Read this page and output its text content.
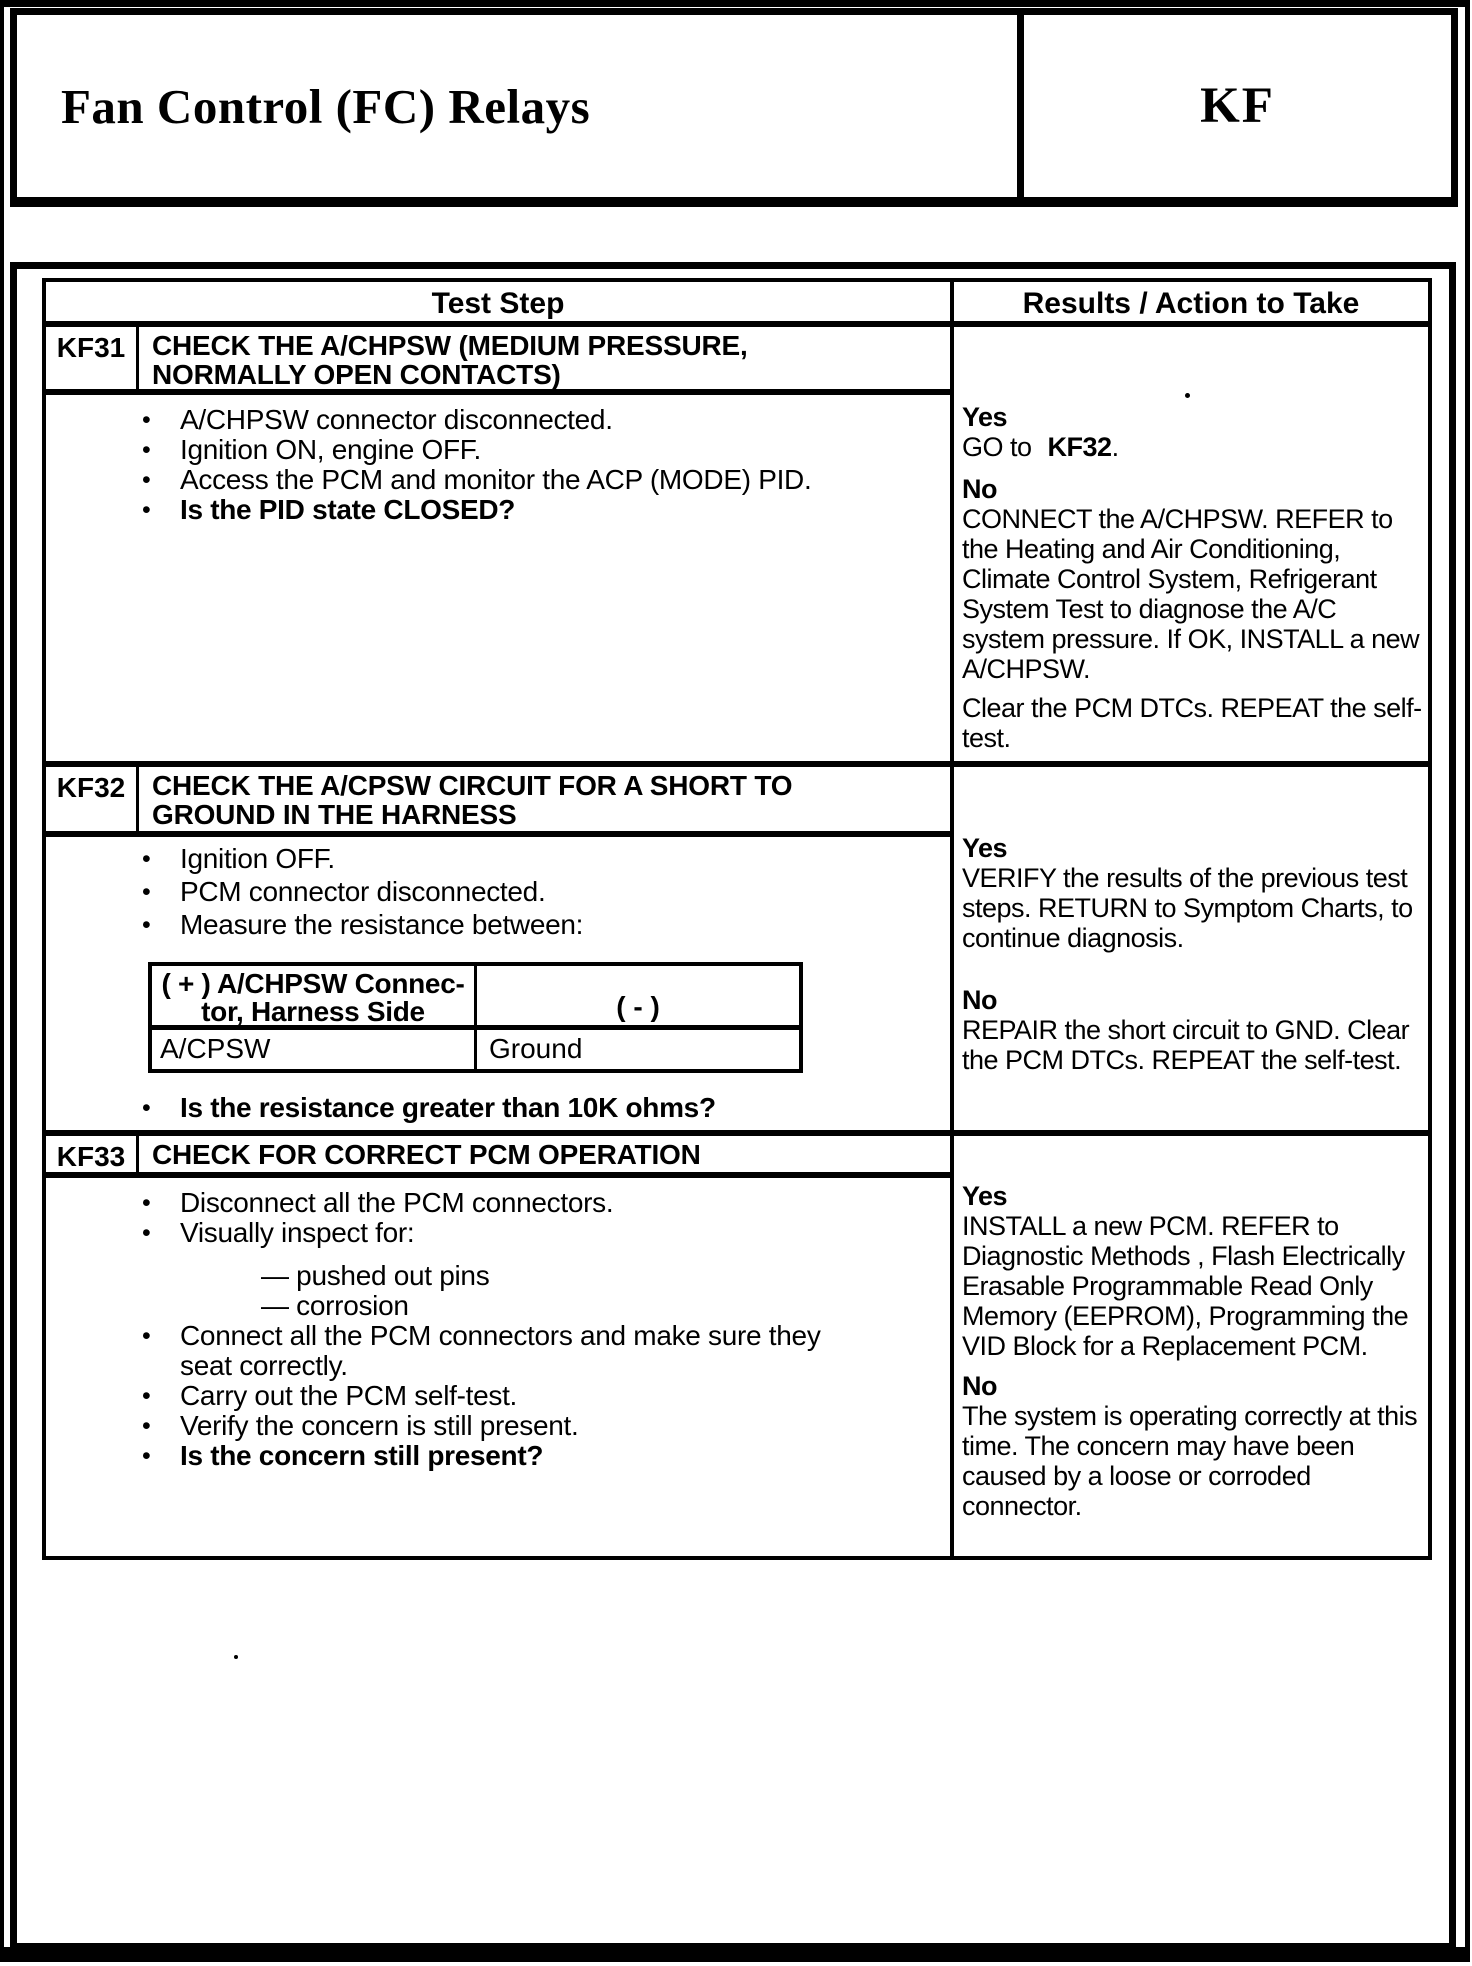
Fan Control (FC) Relays	KF
Test Step	Results / Action to Take
KF31 CHECK THE A/CHPSW (MEDIUM PRESSURE,
NORMALLY OPEN CONTACTS)
•	A/CHPSW connector disconnected.
•	Ignition ON, engine OFF.
•	Access the PCM and monitor the ACP (MODE) PID.
•	Is the PID state CLOSED?
Yes
GO to KF32.
No
CONNECT the A/CHPSW. REFER to the Heating and Air Conditioning, Climate Control System, Refrigerant System Test to diagnose the A/C system pressure. If OK, INSTALL a new A/CHPSW.
Clear the PCM DTCs. REPEAT the self-test.
KF32 CHECK THE A/CPSW CIRCUIT FOR A SHORT TO
GROUND IN THE HARNESS
•	Ignition OFF.
•	PCM connector disconnected.
•	Measure the resistance between:
( + ) A/CHPSW Connec-
tor, Harness Side	( - )
A/CPSW	Ground
•	Is the resistance greater than 10K ohms?
Yes
VERIFY the results of the previous test steps. RETURN to Symptom Charts, to continue diagnosis.
No
REPAIR the short circuit to GND. Clear the PCM DTCs. REPEAT the self-test.
KF33 CHECK FOR CORRECT PCM OPERATION
•	Disconnect all the PCM connectors.
•	Visually inspect for:
— pushed out pins
— corrosion
•	Connect all the PCM connectors and make sure they seat correctly.
•	Carry out the PCM self-test.
•	Verify the concern is still present.
•	Is the concern still present?
Yes
INSTALL a new PCM. REFER to Diagnostic Methods , Flash Electrically Erasable Programmable Read Only Memory (EEPROM), Programming the VID Block for a Replacement PCM.
No
The system is operating correctly at this time. The concern may have been caused by a loose or corroded connector.
